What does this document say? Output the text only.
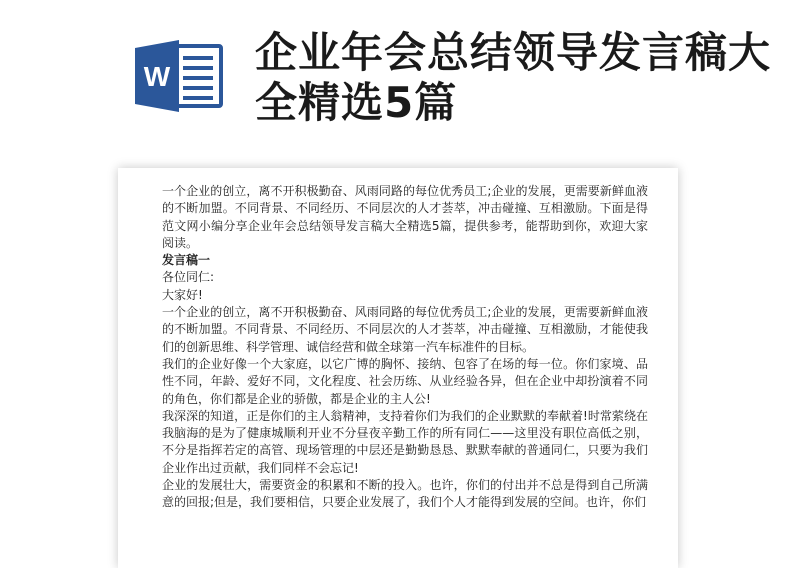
W 企业年会总结领导发言稿大全精选5篇

一个企业的创立，离不开积极勤奋、风雨同路的每位优秀员工;企业的发展，更需要新鲜血液的不断加盟。不同背景、不同经历、不同层次的人才荟萃，冲击碰撞、互相激励。下面是得范文网小编分享企业年会总结领导发言稿大全精选5篇，提供参考，能帮助到你，欢迎大家阅读。

发言稿一

各位同仁:

大家好!

一个企业的创立，离不开积极勤奋、风雨同路的每位优秀员工;企业的发展，更需要新鲜血液的不断加盟。不同背景、不同经历、不同层次的人才荟萃，冲击碰撞、互相激励，才能使我们的创新思维、科学管理、诚信经营和做全球第一汽车标准件的目标。

我们的企业好像一个大家庭，以它广博的胸怀、接纳、包容了在场的每一位。你们家境、品性不同，年龄、爱好不同，文化程度、社会历练、从业经验各异，但在企业中却扮演着不同的角色，你们都是企业的骄傲，都是企业的主人公!

我深深的知道，正是你们的主人翁精神，支持着你们为我们的企业默默的奉献着!时常萦绕在我脑海的是为了健康城顺利开业不分昼夜辛勤工作的所有同仁——这里没有职位高低之别，不分是指挥若定的高管、现场管理的中层还是勤勤恳恳、默默奉献的普通同仁，只要为我们企业作出过贡献，我们同样不会忘记!

企业的发展壮大，需要资金的积累和不断的投入。也许，你们的付出并不总是得到自己所满意的回报;但是，我们要相信，只要企业发展了，我们个人才能得到发展的空间。也许，你们
